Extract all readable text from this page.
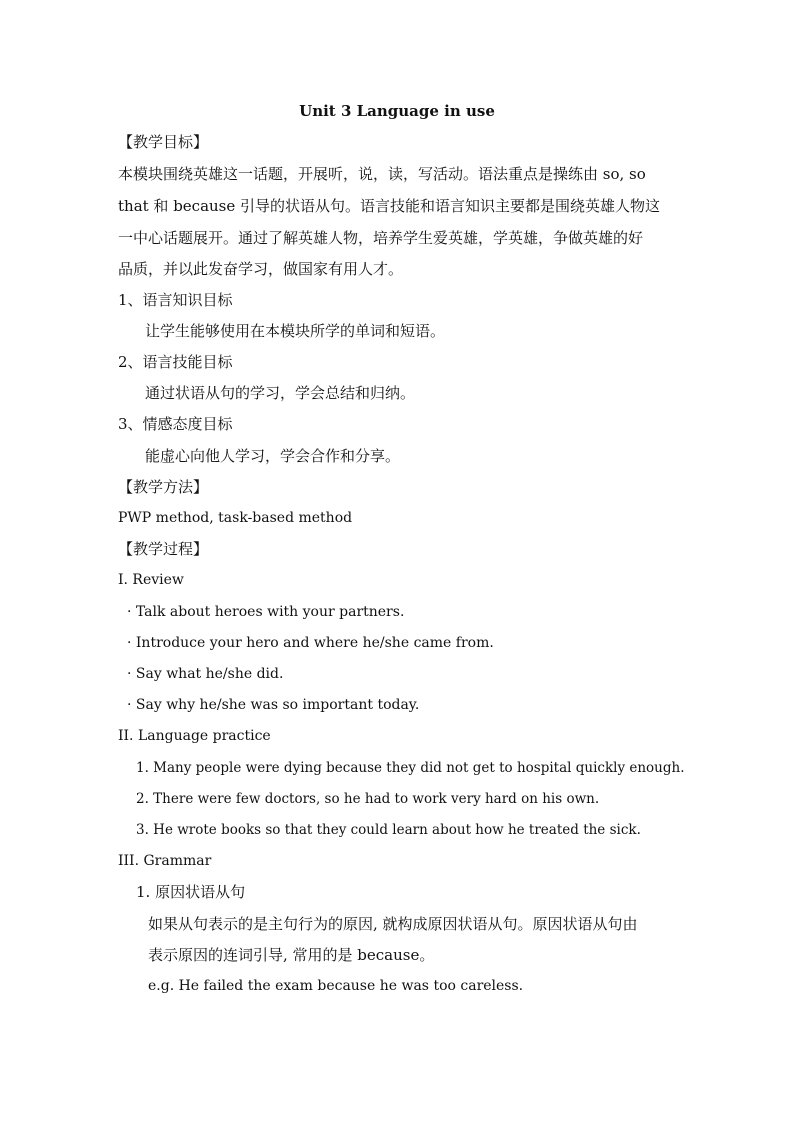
Unit 3 Language in use
【教学目标】
本模块围绕英雄这一话题，开展听，说，读，写活动。语法重点是操练由 so, so
that 和 because 引导的状语从句。语言技能和语言知识主要都是围绕英雄人物这
一中心话题展开。通过了解英雄人物，培养学生爱英雄，学英雄，争做英雄的好
品质，并以此发奋学习，做国家有用人才。
1、语言知识目标
让学生能够使用在本模块所学的单词和短语。
2、语言技能目标
通过状语从句的学习，学会总结和归纳。
3、情感态度目标
能虚心向他人学习，学会合作和分享。
【教学方法】
PWP method, task-based method
【教学过程】
I. Review
· Talk about heroes with your partners.
· Introduce your hero and where he/she came from.
· Say what he/she did.
· Say why he/she was so important today.
II. Language practice
1. Many people were dying because they did not get to hospital quickly enough.
2. There were few doctors, so he had to work very hard on his own.
3. He wrote books so that they could learn about how he treated the sick.
III. Grammar
1. 原因状语从句
如果从句表示的是主句行为的原因, 就构成原因状语从句。原因状语从句由
表示原因的连词引导, 常用的是 because。
e.g. He failed the exam because he was too careless.
